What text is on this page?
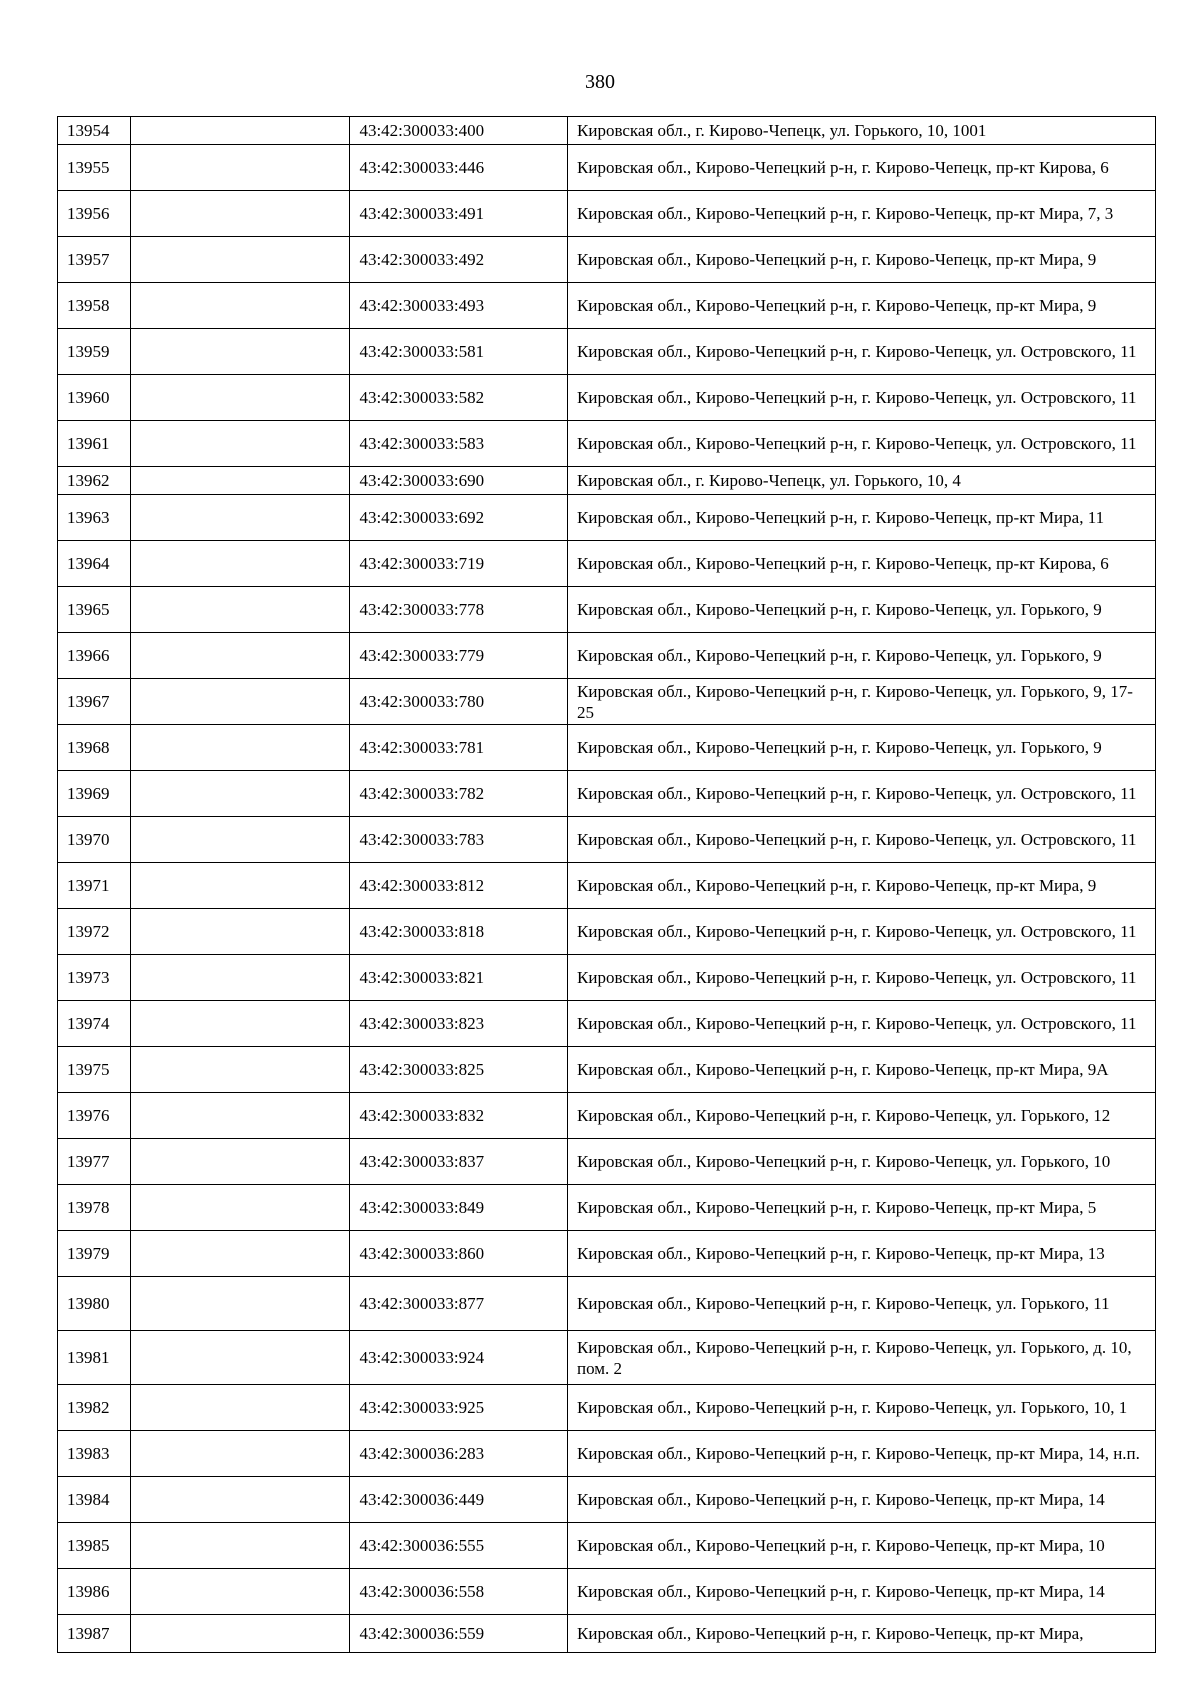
380
13954		43:42:300033:400	Кировская обл., г. Кирово-Чепецк, ул. Горького, 10, 1001
13955		43:42:300033:446	Кировская обл., Кирово-Чепецкий р-н, г. Кирово-Чепецк, пр-кт Кирова, 6
13956		43:42:300033:491	Кировская обл., Кирово-Чепецкий р-н, г. Кирово-Чепецк, пр-кт Мира, 7, 3
13957		43:42:300033:492	Кировская обл., Кирово-Чепецкий р-н, г. Кирово-Чепецк, пр-кт Мира, 9
13958		43:42:300033:493	Кировская обл., Кирово-Чепецкий р-н, г. Кирово-Чепецк, пр-кт Мира, 9
13959		43:42:300033:581	Кировская обл., Кирово-Чепецкий р-н, г. Кирово-Чепецк, ул. Островского, 11
13960		43:42:300033:582	Кировская обл., Кирово-Чепецкий р-н, г. Кирово-Чепецк, ул. Островского, 11
13961		43:42:300033:583	Кировская обл., Кирово-Чепецкий р-н, г. Кирово-Чепецк, ул. Островского, 11
13962		43:42:300033:690	Кировская обл., г. Кирово-Чепецк, ул. Горького, 10, 4
13963		43:42:300033:692	Кировская обл., Кирово-Чепецкий р-н, г. Кирово-Чепецк, пр-кт Мира, 11
13964		43:42:300033:719	Кировская обл., Кирово-Чепецкий р-н, г. Кирово-Чепецк, пр-кт Кирова, 6
13965		43:42:300033:778	Кировская обл., Кирово-Чепецкий р-н, г. Кирово-Чепецк, ул. Горького, 9
13966		43:42:300033:779	Кировская обл., Кирово-Чепецкий р-н, г. Кирово-Чепецк, ул. Горького, 9
13967		43:42:300033:780	Кировская обл., Кирово-Чепецкий р-н, г. Кирово-Чепецк, ул. Горького, 9, 17-25
13968		43:42:300033:781	Кировская обл., Кирово-Чепецкий р-н, г. Кирово-Чепецк, ул. Горького, 9
13969		43:42:300033:782	Кировская обл., Кирово-Чепецкий р-н, г. Кирово-Чепецк, ул. Островского, 11
13970		43:42:300033:783	Кировская обл., Кирово-Чепецкий р-н, г. Кирово-Чепецк, ул. Островского, 11
13971		43:42:300033:812	Кировская обл., Кирово-Чепецкий р-н, г. Кирово-Чепецк, пр-кт Мира, 9
13972		43:42:300033:818	Кировская обл., Кирово-Чепецкий р-н, г. Кирово-Чепецк, ул. Островского, 11
13973		43:42:300033:821	Кировская обл., Кирово-Чепецкий р-н, г. Кирово-Чепецк, ул. Островского, 11
13974		43:42:300033:823	Кировская обл., Кирово-Чепецкий р-н, г. Кирово-Чепецк, ул. Островского, 11
13975		43:42:300033:825	Кировская обл., Кирово-Чепецкий р-н, г. Кирово-Чепецк, пр-кт Мира, 9А
13976		43:42:300033:832	Кировская обл., Кирово-Чепецкий р-н, г. Кирово-Чепецк, ул. Горького, 12
13977		43:42:300033:837	Кировская обл., Кирово-Чепецкий р-н, г. Кирово-Чепецк, ул. Горького, 10
13978		43:42:300033:849	Кировская обл., Кирово-Чепецкий р-н, г. Кирово-Чепецк, пр-кт Мира, 5
13979		43:42:300033:860	Кировская обл., Кирово-Чепецкий р-н, г. Кирово-Чепецк, пр-кт Мира, 13
13980		43:42:300033:877	Кировская обл., Кирово-Чепецкий р-н, г. Кирово-Чепецк, ул. Горького, 11
13981		43:42:300033:924	Кировская обл., Кирово-Чепецкий р-н, г. Кирово-Чепецк, ул. Горького, д. 10, пом. 2
13982		43:42:300033:925	Кировская обл., Кирово-Чепецкий р-н, г. Кирово-Чепецк, ул. Горького, 10, 1
13983		43:42:300036:283	Кировская обл., Кирово-Чепецкий р-н, г. Кирово-Чепецк, пр-кт Мира, 14, н.п.
13984		43:42:300036:449	Кировская обл., Кирово-Чепецкий р-н, г. Кирово-Чепецк, пр-кт Мира, 14
13985		43:42:300036:555	Кировская обл., Кирово-Чепецкий р-н, г. Кирово-Чепецк, пр-кт Мира, 10
13986		43:42:300036:558	Кировская обл., Кирово-Чепецкий р-н, г. Кирово-Чепецк, пр-кт Мира, 14
13987		43:42:300036:559	Кировская обл., Кирово-Чепецкий р-н, г. Кирово-Чепецк, пр-кт Мира,
